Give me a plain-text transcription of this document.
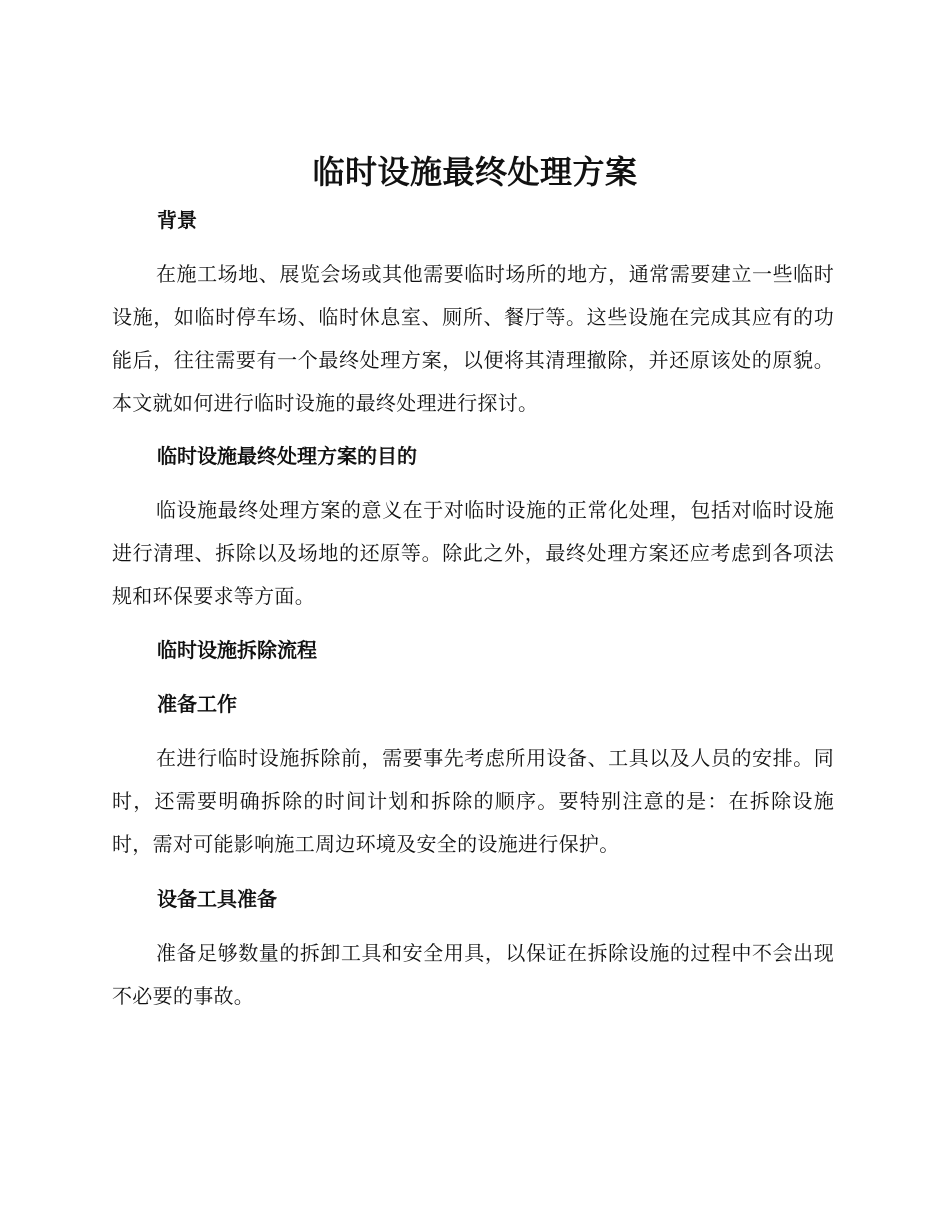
临时设施最终处理方案
背景

在施工场地、展览会场或其他需要临时场所的地方，通常需要建立一些临时设施，如临时停车场、临时休息室、厕所、餐厅等。这些设施在完成其应有的功能后，往往需要有一个最终处理方案，以便将其清理撤除，并还原该处的原貌。本文就如何进行临时设施的最终处理进行探讨。

临时设施最终处理方案的目的

临设施最终处理方案的意义在于对临时设施的正常化处理，包括对临时设施进行清理、拆除以及场地的还原等。除此之外，最终处理方案还应考虑到各项法规和环保要求等方面。

临时设施拆除流程
准备工作

在进行临时设施拆除前，需要事先考虑所用设备、工具以及人员的安排。同时，还需要明确拆除的时间计划和拆除的顺序。要特别注意的是：在拆除设施时，需对可能影响施工周边环境及安全的设施进行保护。

设备工具准备

准备足够数量的拆卸工具和安全用具，以保证在拆除设施的过程中不会出现不必要的事故。
